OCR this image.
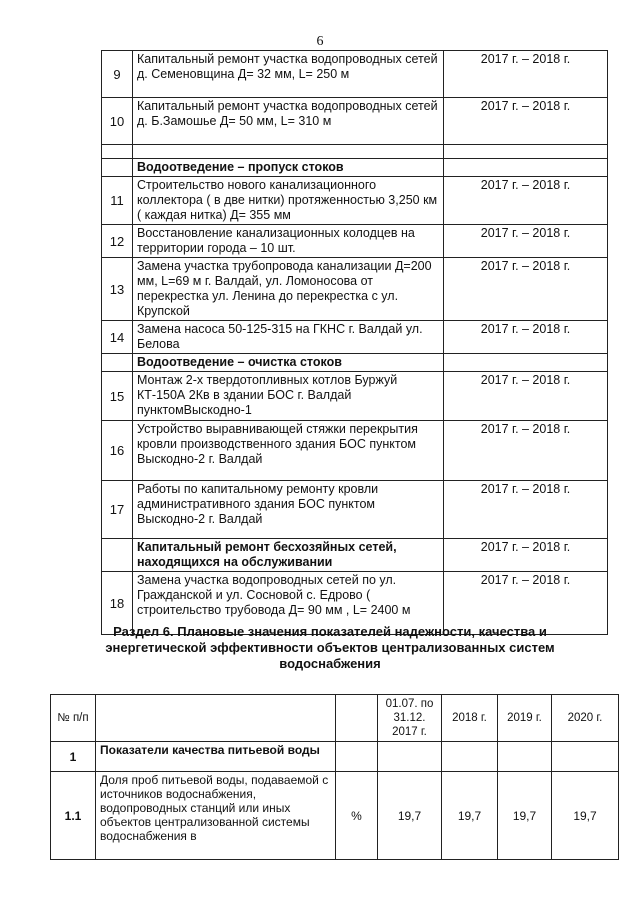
6
9	Капитальный ремонт участка водопроводных сетей д. Семеновщина Д= 32 мм, L= 250 м	2017 г. – 2018 г.
10	Капитальный ремонт участка водопроводных сетей д. Б.Замошье Д= 50 мм, L= 310 м	2017 г. – 2018 г.

	Водоотведение – пропуск стоков	
11	Строительство нового канализационного коллектора ( в две нитки) протяженностью 3,250 км ( каждая нитка) Д= 355 мм	2017 г. – 2018 г.
12	Восстановление канализационных колодцев на территории города – 10 шт.	2017 г. – 2018 г.
13	Замена участка трубопровода канализации Д=200 мм, L=69 м г. Валдай, ул. Ломоносова от перекрестка ул. Ленина до перекрестка с ул. Крупской	2017 г. – 2018 г.
14	Замена насоса 50-125-315 на ГКНС г. Валдай ул. Белова	2017 г. – 2018 г.
	Водоотведение – очистка стоков	
15	Монтаж 2-х твердотопливных котлов Буржуй КТ-150А 2Кв в здании БОС г. Валдай пунктомВыскодно-1	2017 г. – 2018 г.
16	Устройство выравнивающей стяжки перекрытия кровли производственного здания БОС пунктом Выскодно-2 г. Валдай	2017 г. – 2018 г.
17	Работы по капитальному ремонту кровли административного здания БОС пунктом Выскодно-2 г. Валдай	2017 г. – 2018 г.
	Капитальный ремонт бесхозяйных сетей, находящихся на обслуживании	2017 г. – 2018 г.
18	Замена участка водопроводных сетей по ул. Гражданской и ул. Сосновой с. Едрово ( строительство трубовода Д= 90 мм , L= 2400 м	2017 г. – 2018 г.
Раздел 6. Плановые значения показателей надежности, качества и энергетической эффективности объектов централизованных систем водоснабжения
№ п/п			01.07. по 31.12. 2017 г.	2018 г.	2019 г.	2020 г.
1	Показатели качества питьевой воды					
1.1	Доля проб питьевой воды, подаваемой с источников водоснабжения, водопроводных станций или иных объектов централизованной системы водоснабжения в	%	19,7	19,7	19,7	19,7
